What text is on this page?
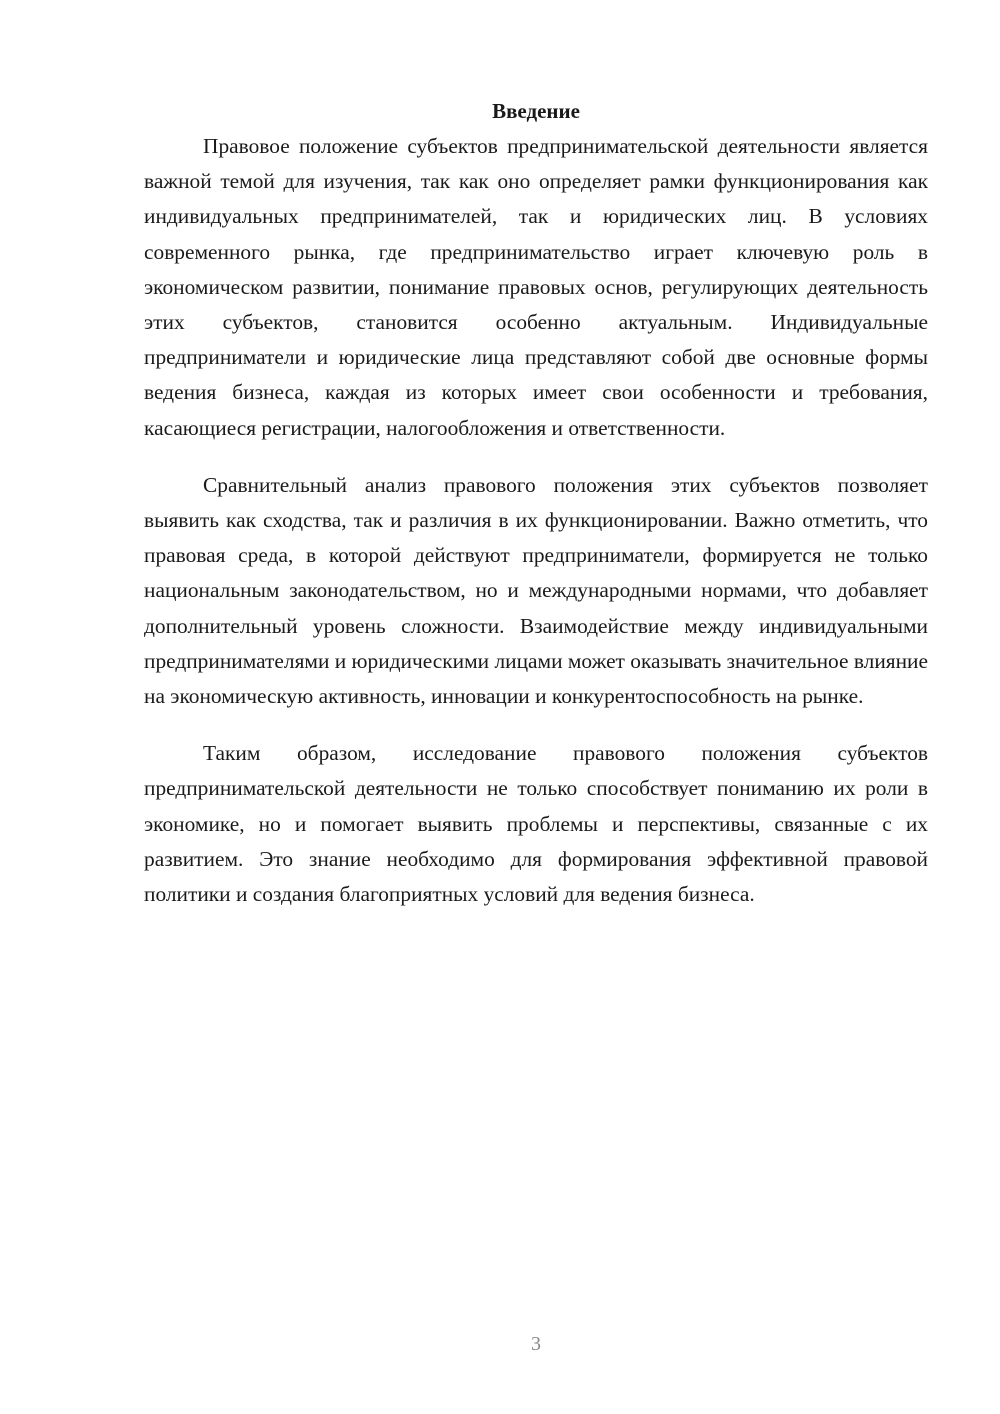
Введение

Правовое положение субъектов предпринимательской деятельности является важной темой для изучения, так как оно определяет рамки функционирования как индивидуальных предпринимателей, так и юридических лиц. В условиях современного рынка, где предпринимательство играет ключевую роль в экономическом развитии, понимание правовых основ, регулирующих деятельность этих субъектов, становится особенно актуальным. Индивидуальные предприниматели и юридические лица представляют собой две основные формы ведения бизнеса, каждая из которых имеет свои особенности и требования, касающиеся регистрации, налогообложения и ответственности.

Сравнительный анализ правового положения этих субъектов позволяет выявить как сходства, так и различия в их функционировании. Важно отметить, что правовая среда, в которой действуют предприниматели, формируется не только национальным законодательством, но и международными нормами, что добавляет дополнительный уровень сложности. Взаимодействие между индивидуальными предпринимателями и юридическими лицами может оказывать значительное влияние на экономическую активность, инновации и конкурентоспособность на рынке.

Таким образом, исследование правового положения субъектов предпринимательской деятельности не только способствует пониманию их роли в экономике, но и помогает выявить проблемы и перспективы, связанные с их развитием. Это знание необходимо для формирования эффективной правовой политики и создания благоприятных условий для ведения бизнеса.

3
